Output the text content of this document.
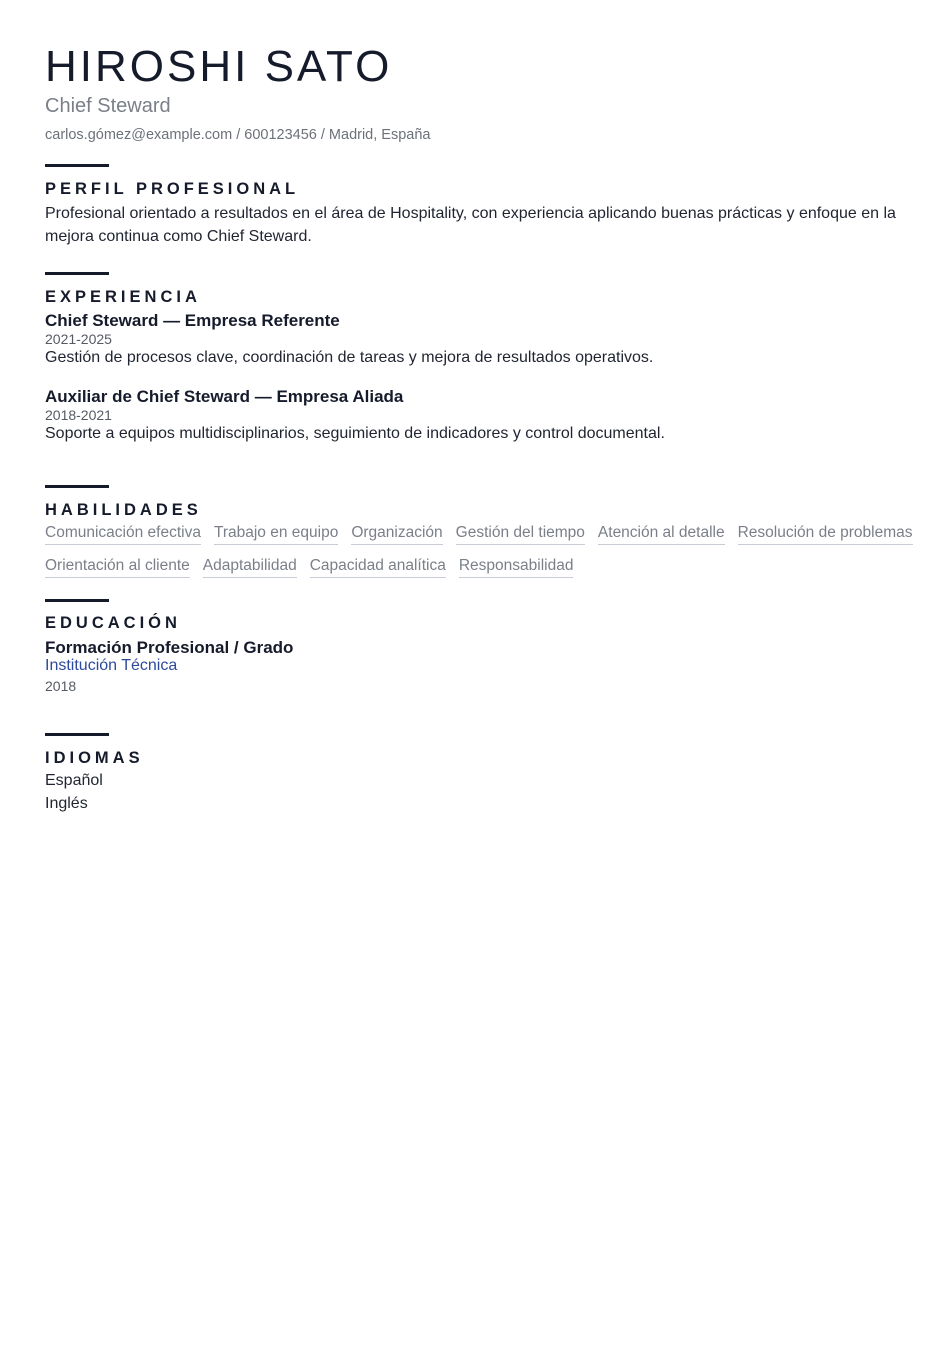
HIROSHI SATO
Chief Steward
carlos.gómez@example.com / 600123456 / Madrid, España
PERFIL PROFESIONAL
Profesional orientado a resultados en el área de Hospitality, con experiencia aplicando buenas prácticas y enfoque en la mejora continua como Chief Steward.
EXPERIENCIA
Chief Steward — Empresa Referente
2021-2025
Gestión de procesos clave, coordinación de tareas y mejora de resultados operativos.
Auxiliar de Chief Steward — Empresa Aliada
2018-2021
Soporte a equipos multidisciplinarios, seguimiento de indicadores y control documental.
HABILIDADES
Comunicación efectiva Trabajo en equipo Organización Gestión del tiempo Atención al detalle Resolución de problemas
Orientación al cliente Adaptabilidad Capacidad analítica Responsabilidad
EDUCACIÓN
Formación Profesional / Grado
Institución Técnica
2018
IDIOMAS
Español
Inglés
